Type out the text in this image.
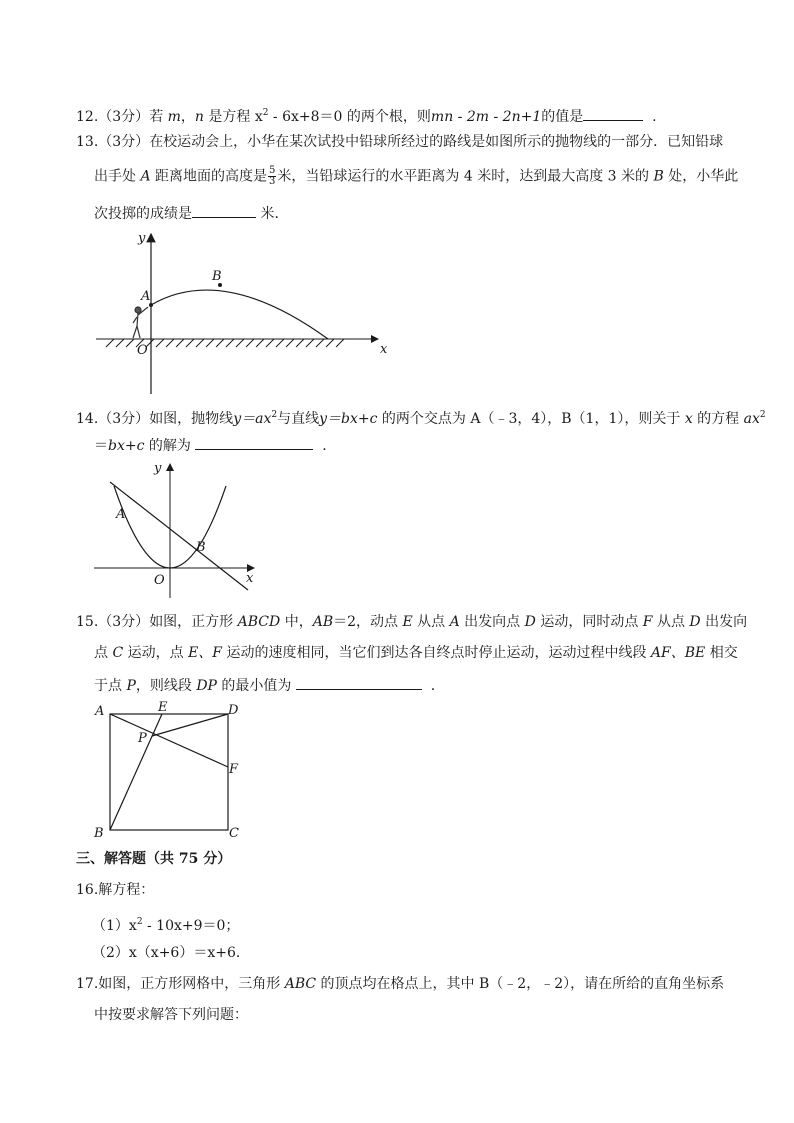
12.（3分）若 m，n 是方程 $x^2 - 6x+8=0$ 的两个根，则mn - 2m - 2n+1的值是	.
13.（3分）在校运动会上，小华在某次试投中铅球所经过的路线是如图所示的抛物线的一部分．已知铅球
出手处 A 距离地面的高度是 $\frac{5}{3}$ 米，当铅球运行的水平距离为 4 米时，达到最大高度 3 米的 B 处，小华此
次投掷的成绩是	米．
y
x
A
B
O
14.（3分）如图，抛物线$y=ax^2$与直线y＝bx+c 的两个交点为 A（﹣3，4），B（1，1），则关于 x 的方程 $ax^2$
＝bx+c 的解为	.
y
x
A
B
O
15.（3分）如图，正方形 ABCD 中，AB＝2，动点 E 从点 A 出发向点 D 运动，同时动点 F 从点 D 出发向
点 C 运动，点 E、F 运动的速度相同，当它们到达各自终点时停止运动，运动过程中线段 AF、BE 相交
于点 P，则线段 DP 的最小值为	.
A	E	D
P
F
B	C
三、解答题（共 75 分）
16.解方程：
$(1)x^2 - 10x+9=0$；
（2）x（x+6）＝x+6．
17.如图，正方形网格中，三角形 ABC 的顶点均在格点上，其中 B（﹣2，﹣2），请在所给的直角坐标系
中按要求解答下列问题：
